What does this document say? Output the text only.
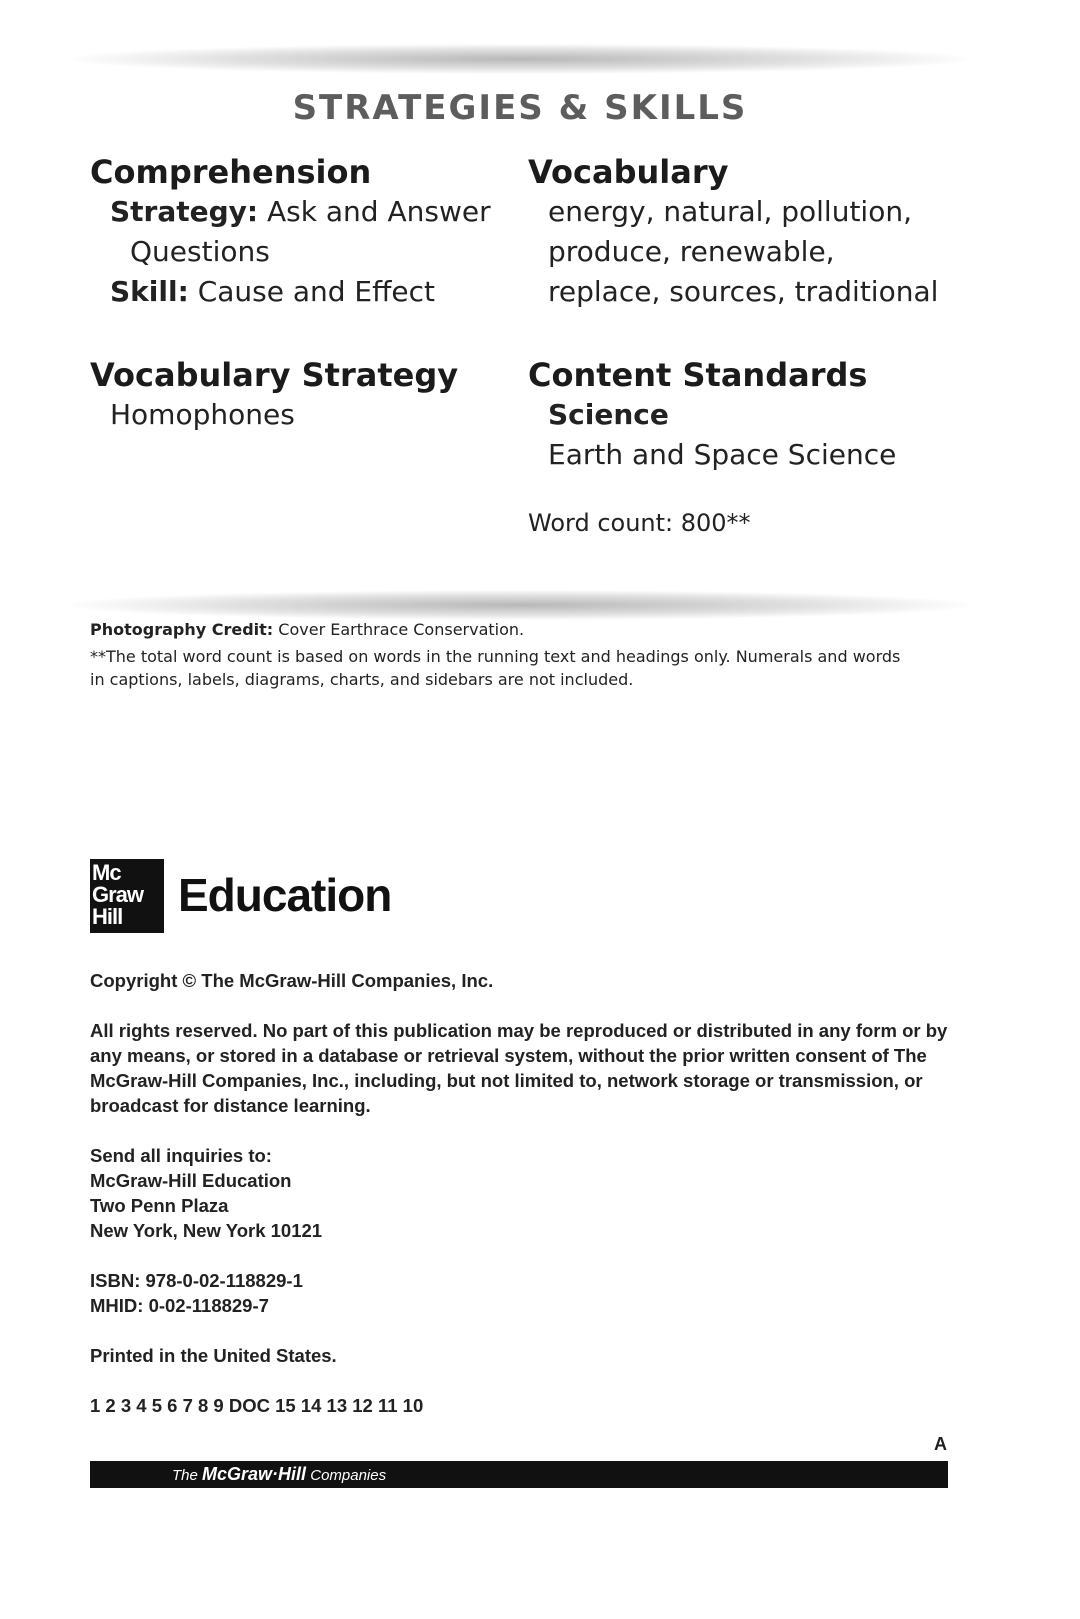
STRATEGIES & SKILLS
Comprehension
Strategy: Ask and Answer
Questions
Skill: Cause and Effect
Vocabulary
energy, natural, pollution,
produce, renewable,
replace, sources, traditional
Vocabulary Strategy
Homophones
Content Standards
Science
Earth and Space Science
Word count: 800**
Photography Credit: Cover Earthrace Conservation.
**The total word count is based on words in the running text and headings only. Numerals and words
in captions, labels, diagrams, charts, and sidebars are not included.
Mc
Graw
Hill	Education
Copyright © The McGraw-Hill Companies, Inc.
All rights reserved. No part of this publication may be reproduced or distributed in any form or by
any means, or stored in a database or retrieval system, without the prior written consent of The
McGraw-Hill Companies, Inc., including, but not limited to, network storage or transmission, or
broadcast for distance learning.
Send all inquiries to:
McGraw-Hill Education
Two Penn Plaza
New York, New York 10121
ISBN: 978-0-02-118829-1
MHID: 0-02-118829-7
Printed in the United States.
1 2 3 4 5 6 7 8 9 DOC 15 14 13 12 11 10
A
The McGraw·Hill Companies
